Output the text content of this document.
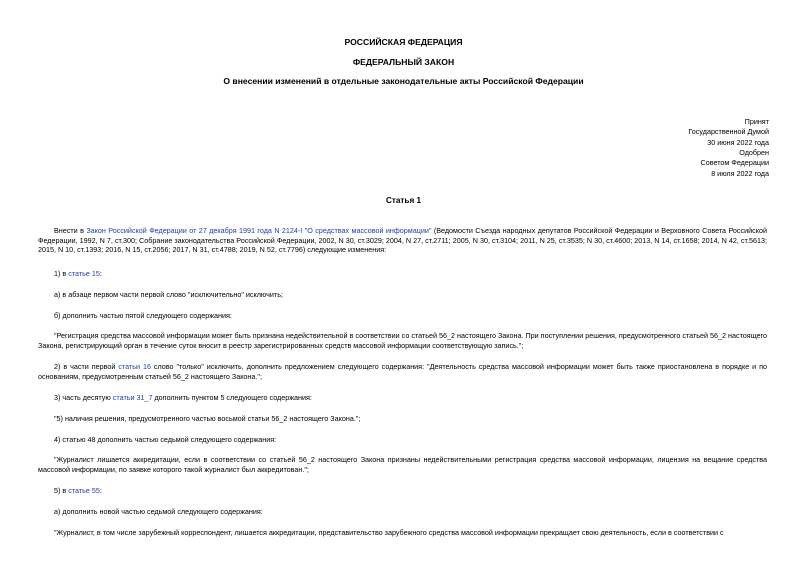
РОССИЙСКАЯ ФЕДЕРАЦИЯ
ФЕДЕРАЛЬНЫЙ ЗАКОН
О внесении изменений в отдельные законодательные акты Российской Федерации
Принят
Государственной Думой
30 июня 2022 года
Одобрен
Советом Федерации
8 июля 2022 года
Статья 1
Внести в Закон Российской Федерации от 27 декабря 1991 года N 2124-I "О средствах массовой информации" (Ведомости Съезда народных депутатов Российской Федерации и Верховного Совета Российской Федерации, 1992, N 7, ст.300; Собрание законодательства Российской Федерации, 2002, N 30, ст.3029; 2004, N 27, ст.2711; 2005, N 30, ст.3104; 2011, N 25, ст.3535; N 30, ст.4600; 2013, N 14, ст.1658; 2014, N 42, ст.5613; 2015, N 10, ст.1393; 2016, N 15, ст.2056; 2017, N 31, ст.4788; 2019, N 52, ст.7796) следующие изменения:
1) в статье 15:
а) в абзаце первом части первой слово "исключительно" исключить;
б) дополнить частью пятой следующего содержания:
"Регистрация средства массовой информации может быть признана недействительной в соответствии со статьей 56_2 настоящего Закона. При поступлении решения, предусмотренного статьей 56_2 настоящего Закона, регистрирующий орган в течение суток вносит в реестр зарегистрированных средств массовой информации соответствующую запись.";
2) в части первой статьи 16 слово "только" исключить, дополнить предложением следующего содержания: "Деятельность средства массовой информации может быть также приостановлена в порядке и по основаниям, предусмотренным статьей 56_2 настоящего Закона.";
3) часть десятую статьи 31_7 дополнить пунктом 5 следующего содержания:
"5) наличия решения, предусмотренного частью восьмой статьи 56_2 настоящего Закона.";
4) статью 48 дополнить частью седьмой следующего содержания:
"Журналист лишается аккредитации, если в соответствии со статьей 56_2 настоящего Закона признаны недействительными регистрация средства массовой информации, лицензия на вещание средства массовой информации, по заявке которого такой журналист был аккредитован.";
5) в статье 55:
а) дополнить новой частью седьмой следующего содержания:
"Журналист, в том числе зарубежный корреспондент, лишается аккредитации, представительство зарубежного средства массовой информации прекращает свою деятельность, если в соответствии с
